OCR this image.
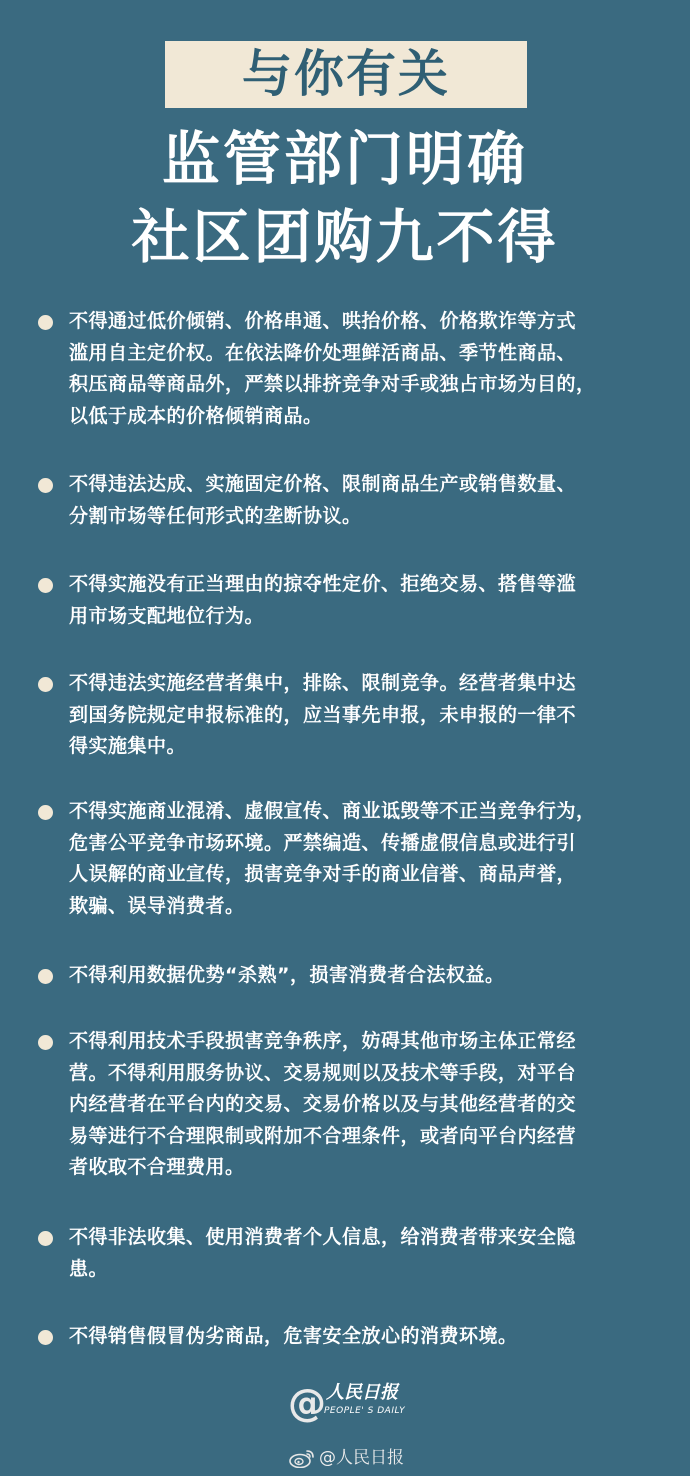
与你有关
监管部门明确
社区团购九不得
不得通过低价倾销、价格串通、哄抬价格、价格欺诈等方式
滥用自主定价权。在依法降价处理鲜活商品、季节性商品、
积压商品等商品外，严禁以排挤竞争对手或独占市场为目的，
以低于成本的价格倾销商品。
不得违法达成、实施固定价格、限制商品生产或销售数量、
分割市场等任何形式的垄断协议。
不得实施没有正当理由的掠夺性定价、拒绝交易、搭售等滥
用市场支配地位行为。
不得违法实施经营者集中，排除、限制竞争。经营者集中达
到国务院规定申报标准的，应当事先申报，未申报的一律不
得实施集中。
不得实施商业混淆、虚假宣传、商业诋毁等不正当竞争行为，
危害公平竞争市场环境。严禁编造、传播虚假信息或进行引
人误解的商业宣传，损害竞争对手的商业信誉、商品声誉，
欺骗、误导消费者。
不得利用数据优势“杀熟”，损害消费者合法权益。
不得利用技术手段损害竞争秩序，妨碍其他市场主体正常经
营。不得利用服务协议、交易规则以及技术等手段，对平台
内经营者在平台内的交易、交易价格以及与其他经营者的交
易等进行不合理限制或附加不合理条件，或者向平台内经营
者收取不合理费用。
不得非法收集、使用消费者个人信息，给消费者带来安全隐
患。
不得销售假冒伪劣商品，危害安全放心的消费环境。
@ 人民日报
PEOPLE' S DAILY
@人民日报
